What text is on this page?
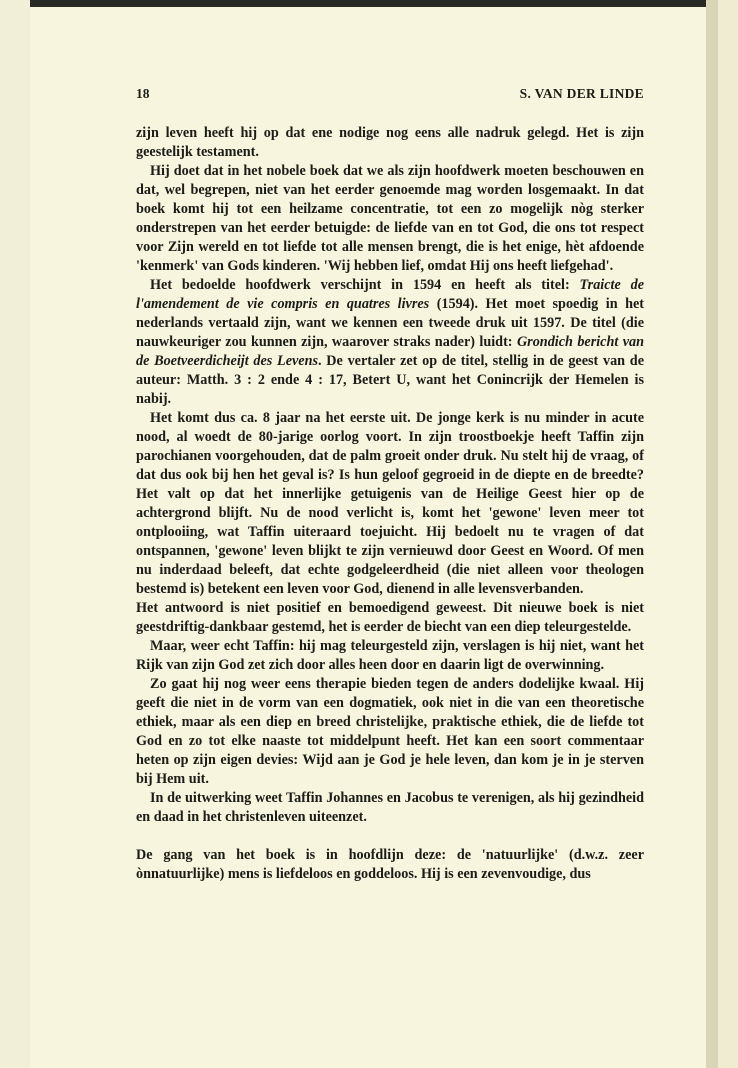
18	S. VAN DER LINDE

zijn leven heeft hij op dat ene nodige nog eens alle nadruk gelegd. Het is zijn geestelijk testament.

Hij doet dat in het nobele boek dat we als zijn hoofdwerk moeten beschouwen en dat, wel begrepen, niet van het eerder genoemde mag worden losgemaakt. In dat boek komt hij tot een heilzame concentratie, tot een zo mogelijk nòg sterker onderstrepen van het eerder betuigde: de liefde van en tot God, die ons tot respect voor Zijn wereld en tot liefde tot alle mensen brengt, die is het enige, hèt afdoende 'kenmerk' van Gods kinderen. 'Wij hebben lief, omdat Hij ons heeft liefgehad'.

Het bedoelde hoofdwerk verschijnt in 1594 en heeft als titel: Traicte de l'amendement de vie compris en quatres livres (1594). Het moet spoedig in het nederlands vertaald zijn, want we kennen een tweede druk uit 1597. De titel (die nauwkeuriger zou kunnen zijn, waarover straks nader) luidt: Grondich bericht van de Boetveerdicheijt des Levens. De vertaler zet op de titel, stellig in de geest van de auteur: Matth. 3 : 2 ende 4 : 17, Betert U, want het Conincrijk der Hemelen is nabij.

Het komt dus ca. 8 jaar na het eerste uit. De jonge kerk is nu minder in acute nood, al woedt de 80-jarige oorlog voort. In zijn troostboekje heeft Taffin zijn parochianen voorgehouden, dat de palm groeit onder druk. Nu stelt hij de vraag, of dat dus ook bij hen het geval is? Is hun geloof gegroeid in de diepte en de breedte? Het valt op dat het innerlijke getuigenis van de Heilige Geest hier op de achtergrond blijft. Nu de nood verlicht is, komt het 'gewone' leven meer tot ontplooiing, wat Taffin uiteraard toejuicht. Hij bedoelt nu te vragen of dat ontspannen, 'gewone' leven blijkt te zijn vernieuwd door Geest en Woord. Of men nu inderdaad beleeft, dat echte godgeleerdheid (die niet alleen voor theologen bestemd is) betekent een leven voor God, dienend in alle levensverbanden.

Het antwoord is niet positief en bemoedigend geweest. Dit nieuwe boek is niet geestdriftig-dankbaar gestemd, het is eerder de biecht van een diep teleurgestelde.

Maar, weer echt Taffin: hij mag teleurgesteld zijn, verslagen is hij niet, want het Rijk van zijn God zet zich door alles heen door en daarin ligt de overwinning.

Zo gaat hij nog weer eens therapie bieden tegen de anders dodelijke kwaal. Hij geeft die niet in de vorm van een dogmatiek, ook niet in die van een theoretische ethiek, maar als een diep en breed christelijke, praktische ethiek, die de liefde tot God en zo tot elke naaste tot middelpunt heeft. Het kan een soort commentaar heten op zijn eigen devies: Wijd aan je God je hele leven, dan kom je in je sterven bij Hem uit.

In de uitwerking weet Taffin Johannes en Jacobus te verenigen, als hij gezindheid en daad in het christenleven uiteenzet.

De gang van het boek is in hoofdlijn deze: de 'natuurlijke' (d.w.z. zeer ònnatuurlijke) mens is liefdeloos en goddeloos. Hij is een zevenvoudige, dus
